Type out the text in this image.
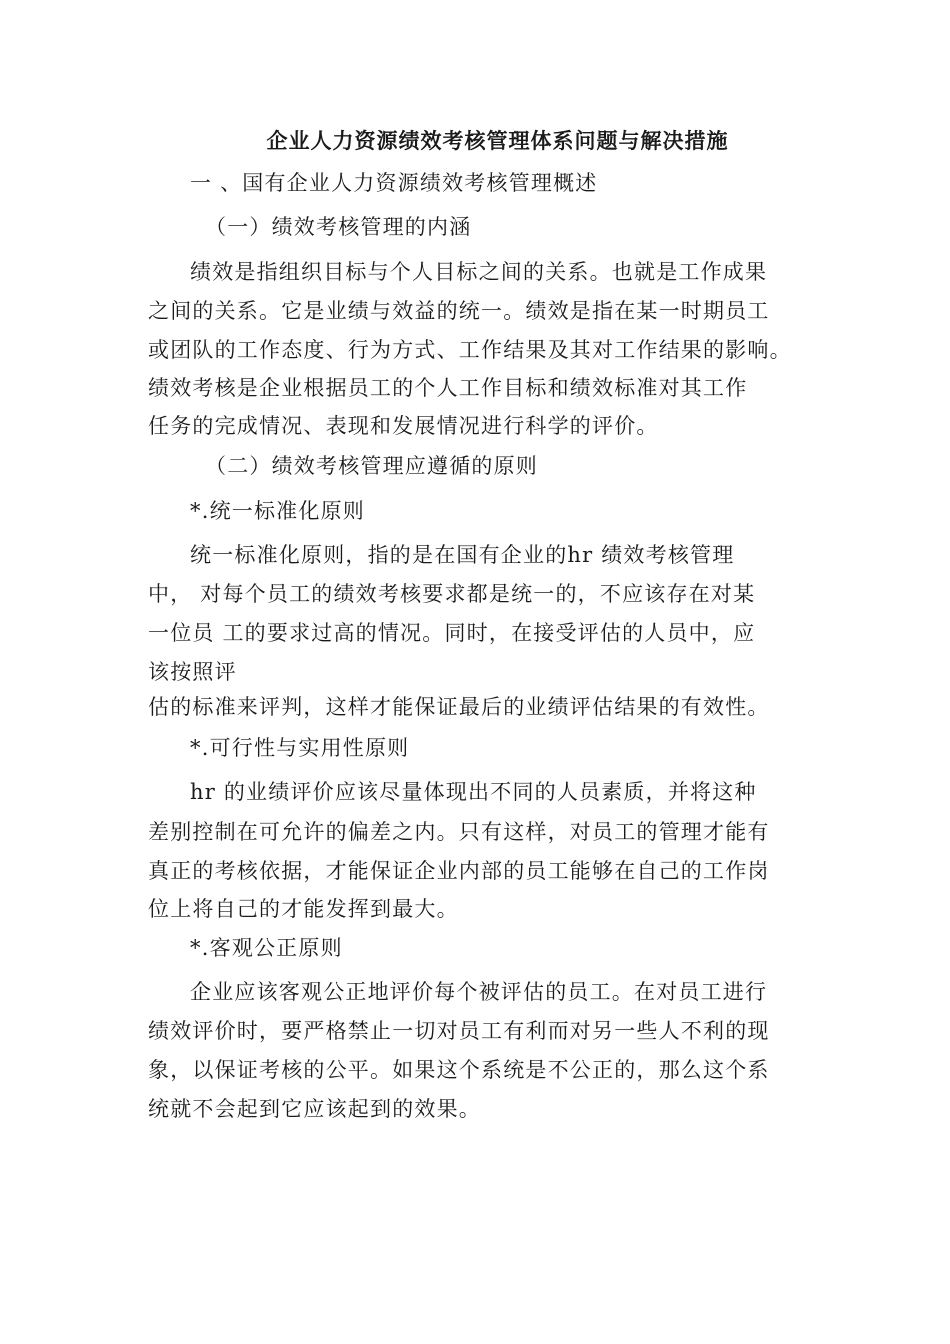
企业人力资源绩效考核管理体系问题与解决措施
一 、国有企业人力资源绩效考核管理概述
（一）绩效考核管理的内涵
绩效是指组织目标与个人目标之间的关系。也就是工作成果
之间的关系。它是业绩与效益的统一。绩效是指在某一时期员工
或团队的工作态度、行为方式、工作结果及其对工作结果的影响。
绩效考核是企业根据员工的个人工作目标和绩效标准对其工作
任务的完成情况、表现和发展情况进行科学的评价。
（二）绩效考核管理应遵循的原则
*.统一标准化原则
统一标准化原则，指的是在国有企业的hr 绩效考核管理
中， 对每个员工的绩效考核要求都是统一的，不应该存在对某
一位员 工的要求过高的情况。同时，在接受评估的人员中，应
该按照评
估的标准来评判，这样才能保证最后的业绩评估结果的有效性。
*.可行性与实用性原则
hr 的业绩评价应该尽量体现出不同的人员素质，并将这种
差别控制在可允许的偏差之内。只有这样，对员工的管理才能有
真正的考核依据，才能保证企业内部的员工能够在自己的工作岗
位上将自己的才能发挥到最大。
*.客观公正原则
企业应该客观公正地评价每个被评估的员工。在对员工进行
绩效评价时，要严格禁止一切对员工有利而对另一些人不利的现
象，以保证考核的公平。如果这个系统是不公正的，那么这个系
统就不会起到它应该起到的效果。
